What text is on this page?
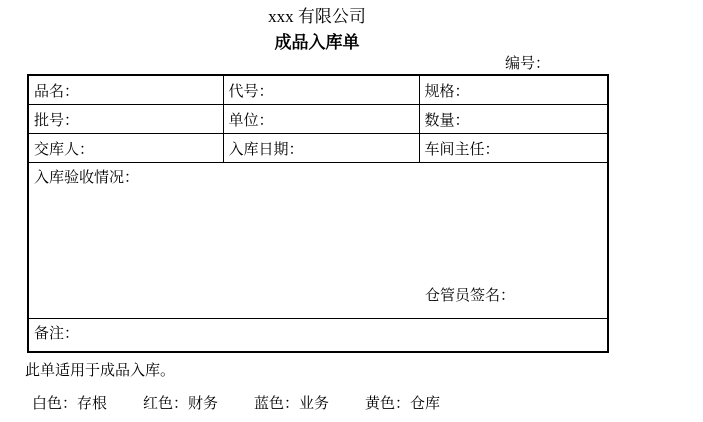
xxx 有限公司
成品入库单
编号：
品名：	代号：	规格：
批号：	单位：	数量：
交库人：	入库日期：	车间主任：
入库验收情况：
仓管员签名：		

备注：		
此单适用于成品入库。
白色：存根 红色：财务 蓝色：业务 黄色：仓库
